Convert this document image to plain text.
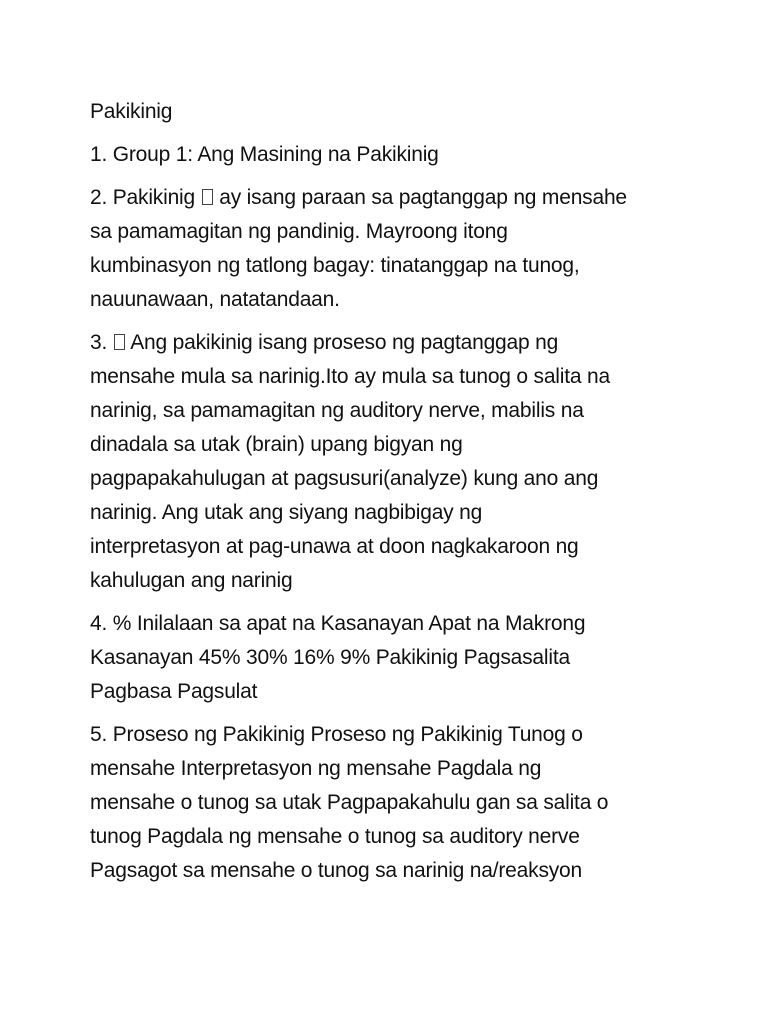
Pakikinig

1. Group 1: Ang Masining na Pakikinig

2. Pakikinig  ay isang paraan sa pagtanggap ng mensahe
sa pamamagitan ng pandinig. Mayroong itong
kumbinasyon ng tatlong bagay: tinatanggap na tunog,
nauunawaan, natatandaan.

3.  Ang pakikinig isang proseso ng pagtanggap ng
mensahe mula sa narinig.Ito ay mula sa tunog o salita na
narinig, sa pamamagitan ng auditory nerve, mabilis na
dinadala sa utak (brain) upang bigyan ng
pagpapakahulugan at pagsusuri(analyze) kung ano ang
narinig. Ang utak ang siyang nagbibigay ng
interpretasyon at pag-unawa at doon nagkakaroon ng
kahulugan ang narinig

4. % Inilalaan sa apat na Kasanayan Apat na Makrong
Kasanayan 45% 30% 16% 9% Pakikinig Pagsasalita
Pagbasa Pagsulat

5. Proseso ng Pakikinig Proseso ng Pakikinig Tunog o
mensahe Interpretasyon ng mensahe Pagdala ng
mensahe o tunog sa utak Pagpapakahulu gan sa salita o
tunog Pagdala ng mensahe o tunog sa auditory nerve
Pagsagot sa mensahe o tunog sa narinig na/reaksyon
